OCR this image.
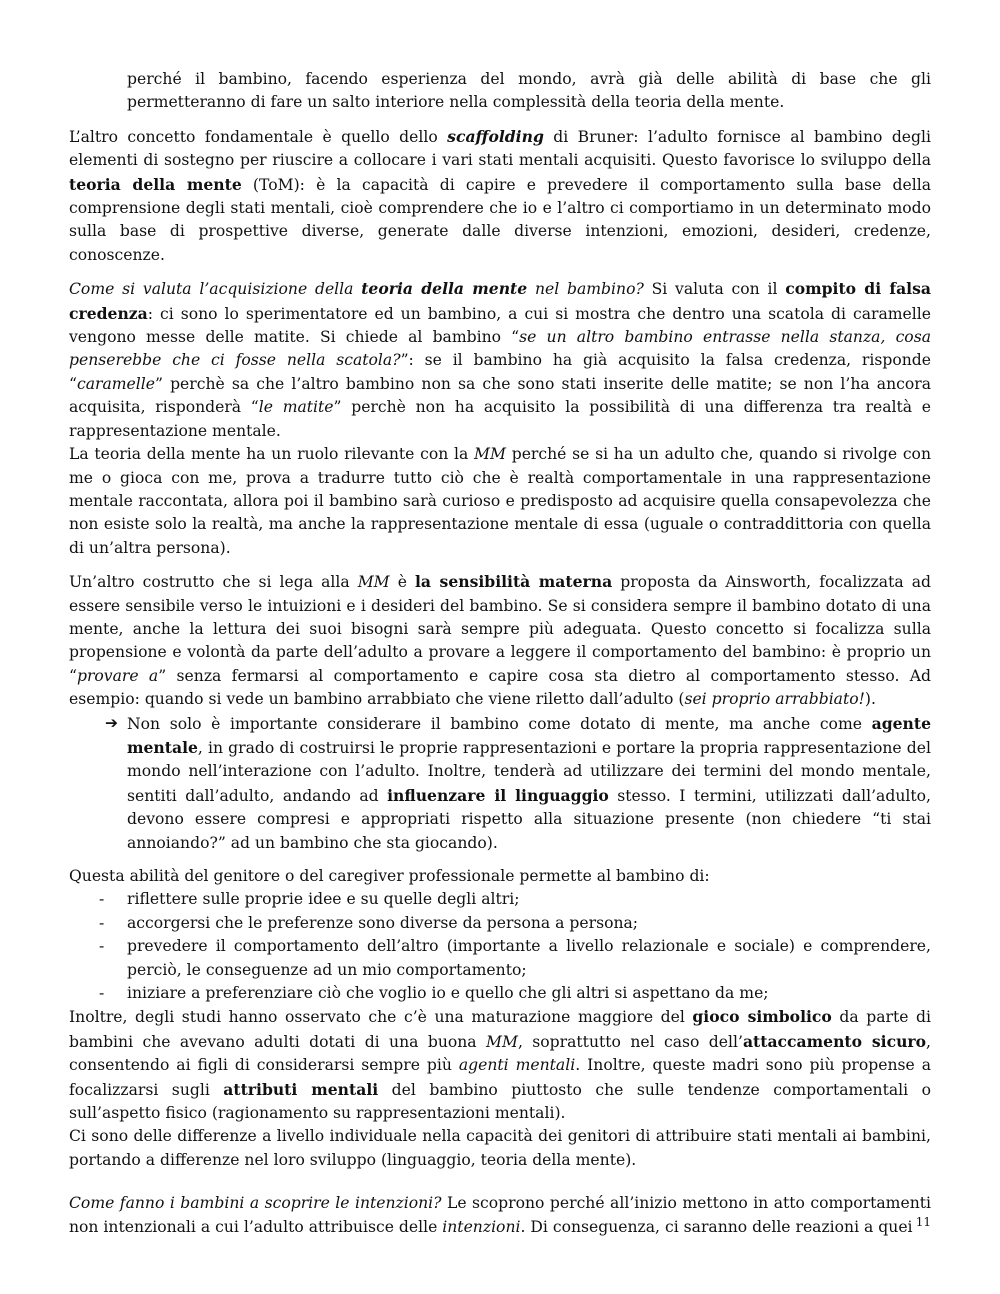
perché il bambino, facendo esperienza del mondo, avrà già delle abilità di base che gli permetteranno di fare un salto interiore nella complessità della teoria della mente.

L’altro concetto fondamentale è quello dello scaffolding di Bruner: l’adulto fornisce al bambino degli elementi di sostegno per riuscire a collocare i vari stati mentali acquisiti. Questo favorisce lo sviluppo della teoria della mente (ToM): è la capacità di capire e prevedere il comportamento sulla base della comprensione degli stati mentali, cioè comprendere che io e l’altro ci comportiamo in un determinato modo sulla base di prospettive diverse, generate dalle diverse intenzioni, emozioni, desideri, credenze, conoscenze.

Come si valuta l’acquisizione della teoria della mente nel bambino? Si valuta con il compito di falsa credenza: ci sono lo sperimentatore ed un bambino, a cui si mostra che dentro una scatola di caramelle vengono messe delle matite. Si chiede al bambino “se un altro bambino entrasse nella stanza, cosa penserebbe che ci fosse nella scatola?”: se il bambino ha già acquisito la falsa credenza, risponde “caramelle” perchè sa che l’altro bambino non sa che sono stati inserite delle matite; se non l’ha ancora acquisita, risponderà “le matite” perchè non ha acquisito la possibilità di una differenza tra realtà e rappresentazione mentale.

La teoria della mente ha un ruolo rilevante con la MM perché se si ha un adulto che, quando si rivolge con me o gioca con me, prova a tradurre tutto ciò che è realtà comportamentale in una rappresentazione mentale raccontata, allora poi il bambino sarà curioso e predisposto ad acquisire quella consapevolezza che non esiste solo la realtà, ma anche la rappresentazione mentale di essa (uguale o contraddittoria con quella di un’altra persona).

Un’altro costrutto che si lega alla MM è la sensibilità materna proposta da Ainsworth, focalizzata ad essere sensibile verso le intuizioni e i desideri del bambino. Se si considera sempre il bambino dotato di una mente, anche la lettura dei suoi bisogni sarà sempre più adeguata. Questo concetto si focalizza sulla propensione e volontà da parte dell’adulto a provare a leggere il comportamento del bambino: è proprio un “provare a” senza fermarsi al comportamento e capire cosa sta dietro al comportamento stesso. Ad esempio: quando si vede un bambino arrabbiato che viene riletto dall’adulto (sei proprio arrabbiato!).

➔ Non solo è importante considerare il bambino come dotato di mente, ma anche come agente mentale, in grado di costruirsi le proprie rappresentazioni e portare la propria rappresentazione del mondo nell’interazione con l’adulto. Inoltre, tenderà ad utilizzare dei termini del mondo mentale, sentiti dall’adulto, andando ad influenzare il linguaggio stesso. I termini, utilizzati dall’adulto, devono essere compresi e appropriati rispetto alla situazione presente (non chiedere “ti stai annoiando?” ad un bambino che sta giocando).

Questa abilità del genitore o del caregiver professionale permette al bambino di:

- riflettere sulle proprie idee e su quelle degli altri;
- accorgersi che le preferenze sono diverse da persona a persona;
- prevedere il comportamento dell’altro (importante a livello relazionale e sociale) e comprendere, perciò, le conseguenze ad un mio comportamento;
- iniziare a preferenziare ciò che voglio io e quello che gli altri si aspettano da me;

Inoltre, degli studi hanno osservato che c’è una maturazione maggiore del gioco simbolico da parte di bambini che avevano adulti dotati di una buona MM, soprattutto nel caso dell’attaccamento sicuro, consentendo ai figli di considerarsi sempre più agenti mentali. Inoltre, queste madri sono più propense a focalizzarsi sugli attributi mentali del bambino piuttosto che sulle tendenze comportamentali o sull’aspetto fisico (ragionamento su rappresentazioni mentali).

Ci sono delle differenze a livello individuale nella capacità dei genitori di attribuire stati mentali ai bambini, portando a differenze nel loro sviluppo (linguaggio, teoria della mente).

Come fanno i bambini a scoprire le intenzioni? Le scoprono perché all’inizio mettono in atto comportamenti non intenzionali a cui l’adulto attribuisce delle intenzioni. Di conseguenza, ci saranno delle reazioni a quei 11
